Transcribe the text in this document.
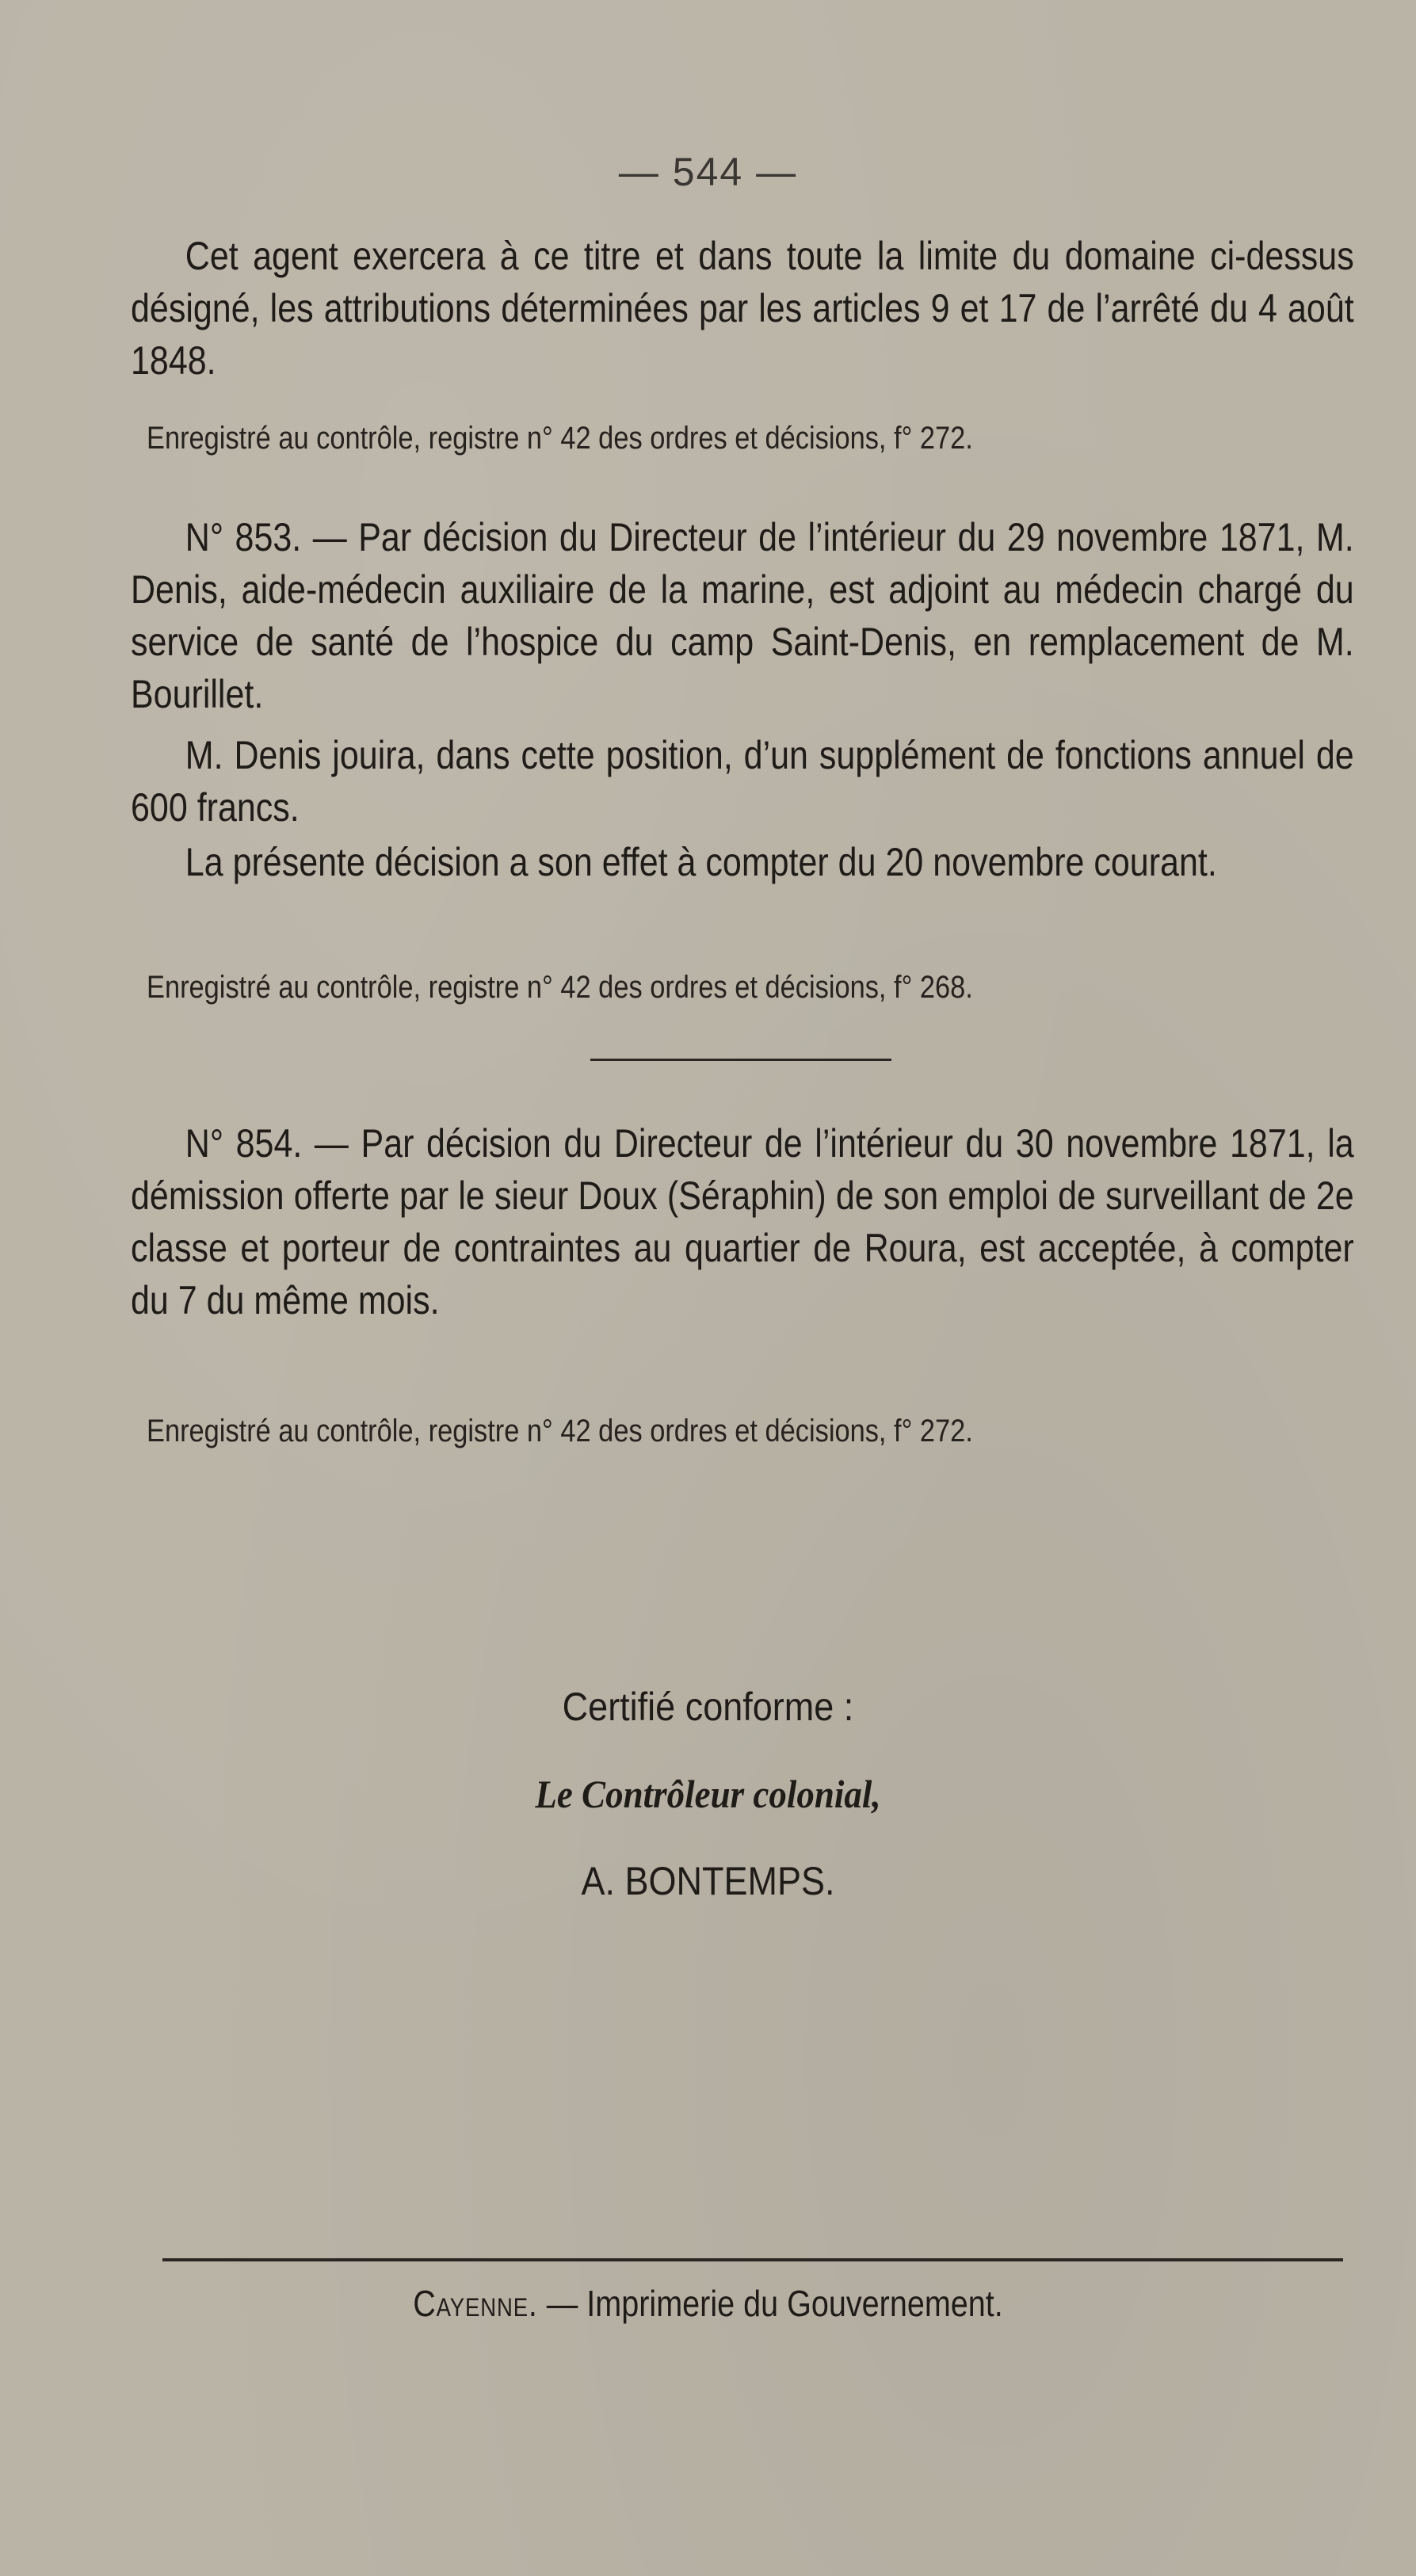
— 544 —
Cet agent exercera à ce titre et dans toute la limite du domaine ci-dessus désigné, les attributions déterminées par les articles 9 et 17 de l’arrêté du 4 août 1848.
Enregistré au contrôle, registre n° 42 des ordres et décisions, f° 272.
N° 853. — Par décision du Directeur de l’intérieur du 29 novembre 1871, M. Denis, aide-médecin auxiliaire de la marine, est adjoint au médecin chargé du service de santé de l’hospice du camp Saint-Denis, en remplacement de M. Bourillet.
M. Denis jouira, dans cette position, d’un supplément de fonctions annuel de 600 francs.
La présente décision a son effet à compter du 20 novembre courant.
Enregistré au contrôle, registre n° 42 des ordres et décisions, f° 268.
N° 854. — Par décision du Directeur de l’intérieur du 30 novembre 1871, la démission offerte par le sieur Doux (Séraphin) de son emploi de surveillant de 2e classe et porteur de contraintes au quartier de Roura, est acceptée, à compter du 7 du même mois.
Enregistré au contrôle, registre n° 42 des ordres et décisions, f° 272.
Certifié conforme :
Le Contrôleur colonial,
A. BONTEMPS.
Cayenne. — Imprimerie du Gouvernement.
